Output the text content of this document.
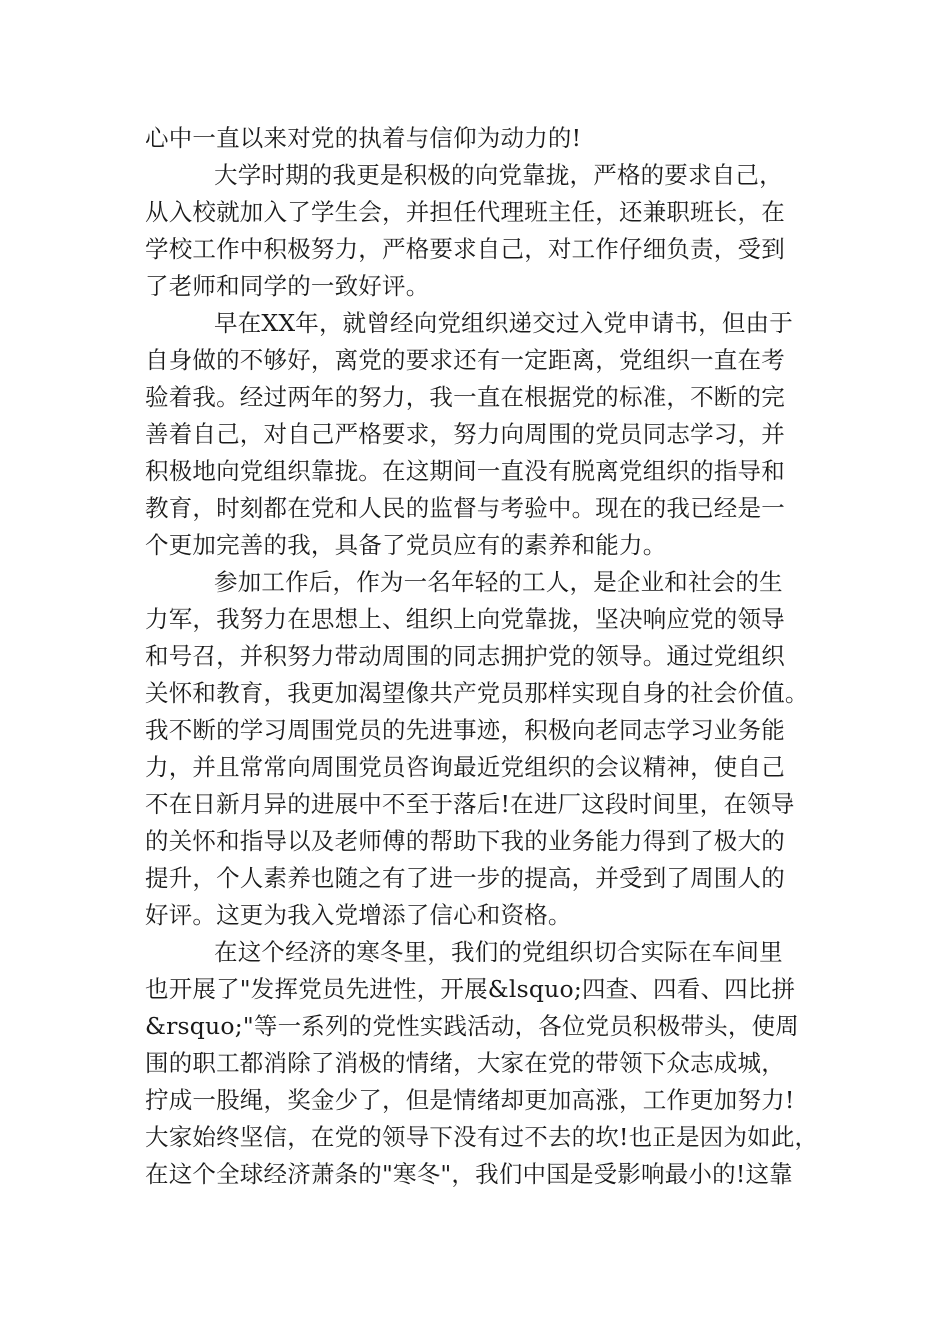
心中一直以来对党的执着与信仰为动力的!
大学时期的我更是积极的向党靠拢，严格的要求自己，
从入校就加入了学生会，并担任代理班主任，还兼职班长，在
学校工作中积极努力，严格要求自己，对工作仔细负责，受到
了老师和同学的一致好评。
早在XX年，就曾经向党组织递交过入党申请书，但由于
自身做的不够好，离党的要求还有一定距离，党组织一直在考
验着我。经过两年的努力，我一直在根据党的标准，不断的完
善着自己，对自己严格要求，努力向周围的党员同志学习，并
积极地向党组织靠拢。在这期间一直没有脱离党组织的指导和
教育，时刻都在党和人民的监督与考验中。现在的我已经是一
个更加完善的我，具备了党员应有的素养和能力。
参加工作后，作为一名年轻的工人，是企业和社会的生
力军，我努力在思想上、组织上向党靠拢，坚决响应党的领导
和号召，并积努力带动周围的同志拥护党的领导。通过党组织
关怀和教育，我更加渴望像共产党员那样实现自身的社会价值。
我不断的学习周围党员的先进事迹，积极向老同志学习业务能
力，并且常常向周围党员咨询最近党组织的会议精神，使自己
不在日新月异的进展中不至于落后!在进厂这段时间里，在领导
的关怀和指导以及老师傅的帮助下我的业务能力得到了极大的
提升，个人素养也随之有了进一步的提高，并受到了周围人的
好评。这更为我入党增添了信心和资格。
在这个经济的寒冬里，我们的党组织切合实际在车间里
也开展了"发挥党员先进性，开展&lsquo;四查、四看、四比拼
&rsquo;"等一系列的党性实践活动，各位党员积极带头，使周
围的职工都消除了消极的情绪，大家在党的带领下众志成城，
拧成一股绳，奖金少了，但是情绪却更加高涨，工作更加努力!
大家始终坚信，在党的领导下没有过不去的坎!也正是因为如此，
在这个全球经济萧条的"寒冬"，我们中国是受影响最小的!这靠
